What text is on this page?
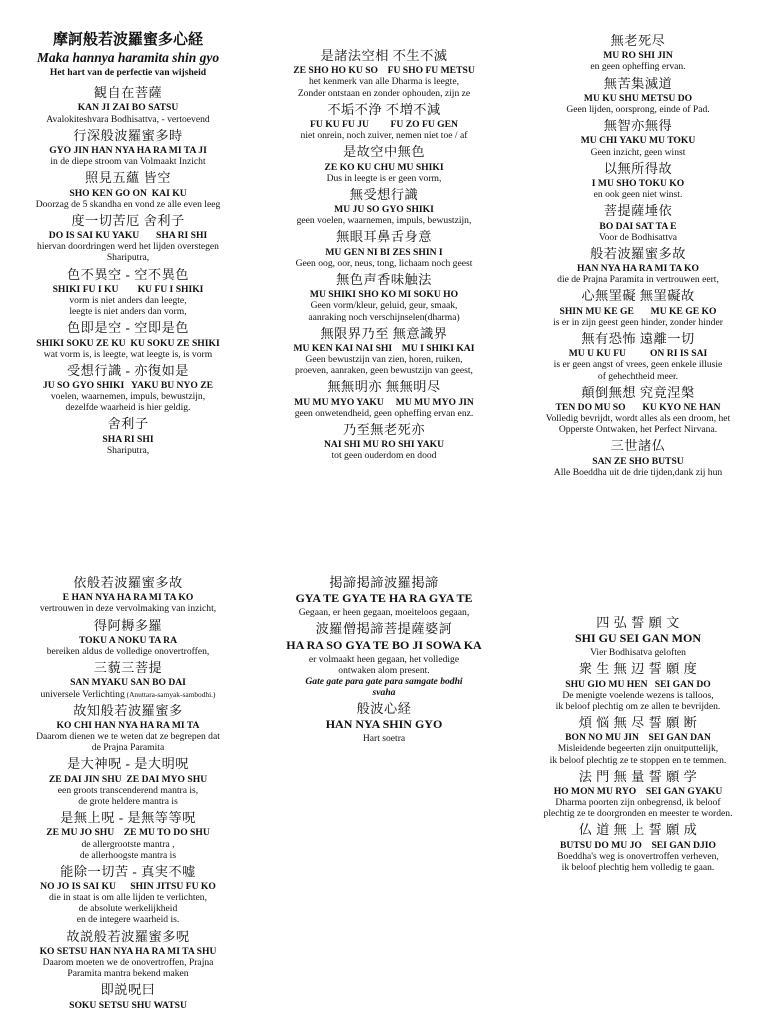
摩訶般若波羅蜜多心経
Maka hannya haramita shin gyo
Het hart van de perfectie van wijsheid
観自在菩薩
KAN JI ZAI BO SATSU
Avalokiteshvara Bodhisattva, - vertoevend
行深般波羅蜜多時
GYO JIN HAN NYA HA RA MI TA JI
in de diepe stroom van Volmaakt Inzicht
照見五蘊 皆空
SHO KEN GO ON  KAI KU
Doorzag de 5 skandha en vond ze alle even leeg
度一切苦厄 舍利子
DO IS SAI KU YAKU       SHA RI SHI
hiervan doordringen werd het lijden overstegen
Shariputra,
色不異空 - 空不異色
SHIKI FU I KU        KU FU I SHIKI
vorm is niet anders dan leegte,
leegte is niet anders dan vorm,
色即是空 - 空即是色
SHIKI SOKU ZE KU  KU SOKU ZE SHIKI
wat vorm is, is leegte, wat leegte is, is vorm
受想行識 - 亦復如是
JU SO GYO SHIKI   YAKU BU NYO ZE
voelen, waarnemen, impuls, bewustzijn,
dezelfde waarheid is hier geldig.
舍利子
SHA RI SHI
Shariputra,
是諸法空相 不生不滅
ZE SHO HO KU SO    FU SHO FU METSU
het kenmerk van alle Dharma is leegte,
Zonder ontstaan en zonder ophouden, zijn ze
不垢不浄 不増不減
FU KU FU JU         FU ZO FU GEN
niet onrein, noch zuiver, nemen niet toe / af
是故空中無色
ZE KO KU CHU MU SHIKI
Dus in leegte is er geen vorm,
無受想行識
MU JU SO GYO SHIKI
geen voelen, waarnemen, impuls, bewustzijn,
無眼耳鼻舌身意
MU GEN NI BI ZES SHIN I
Geen oog, oor, neus, tong, lichaam noch geest
無色声香味触法
MU SHIKI SHO KO MI SOKU HO
Geen vorm/kleur, geluid, geur, smaak,
aanraking noch verschijnselen(dharma)
無限界乃至 無意識界
MU KEN KAI NAI SHI    MU I SHIKI KAI
Geen bewustzijn van zien, horen, ruiken,
proeven, aanraken, geen bewustzijn van geest,
無無明亦 無無明尽
MU MU MYO YAKU     MU MU MYO JIN
geen onwetendheid, geen opheffing ervan enz.
乃至無老死亦
NAI SHI MU RO SHI YAKU
tot geen ouderdom en dood
無老死尽
MU RO SHI JIN
en geen opheffing ervan.
無苦集滅道
MU KU SHU METSU DO
Geen lijden, oorsprong, einde of Pad.
無智亦無得
MU CHI YAKU MU TOKU
Geen inzicht, geen winst
以無所得故
I MU SHO TOKU KO
en ook geen niet winst.
菩提薩埵依
BO DAI SAT TA E
Voor de Bodhisattva
般若波羅蜜多故
HAN NYA HA RA MI TA KO
die de Prajna Paramita in vertrouwen eert,
心無罣礙 無罣礙故
SHIN MU KE GE       MU KE GE KO
is er in zijn geest geen hinder, zonder hinder
無有恐怖 遠離一切
MU U KU FU          ON RI IS SAI
is er geen angst of vrees, geen enkele illusie
of gehechtheid meer.
顛倒無想 究竟涅槃
TEN DO MU SO       KU KYO NE HAN
Volledig bevrijdt, wordt alles als een droom, het
Opperste Ontwaken, het Perfect Nirvana.
三世諸仏
SAN ZE SHO BUTSU
Alle Boeddha uit de drie tijden,dank zij hun
依般若波羅蜜多故
E HAN NYA HA RA MI TA KO
vertrouwen in deze vervolmaking van inzicht,
得阿耨多羅
TOKU A NOKU TA RA
bereiken aldus de volledige onovertroffen,
三藐三菩提
SAN MYAKU SAN BO DAI
universele Verlichting (Anuttara-samyak-sambodhi.)
故知般若波羅蜜多
KO CHI HAN NYA HA RA MI TA
Daarom dienen we te weten dat ze begrepen dat
de Prajna Paramita
是大神呪 - 是大明呪
ZE DAI JIN SHU  ZE DAI MYO SHU
een groots transcenderend mantra is,
de grote heldere mantra is
是無上呪 - 是無等等呪
ZE MU JO SHU    ZE MU TO DO SHU
de allergrootste mantra ,
de allerhoogste mantra is
能除一切苦 - 真実不嘘
NO JO IS SAI KU      SHIN JITSU FU KO
die in staat is om alle lijden te verlichten,
de absolute werkelijkheid
en de integere waarheid is.
故説般若波羅蜜多呪
KO SETSU HAN NYA HA RA MI TA SHU
Daarom moeten we de onovertroffen, Prajna
Paramita mantra bekend maken
即説呪曰
SOKU SETSU SHU WATSU
掲諦掲諦波羅掲諦
GYA TE GYA TE HA RA GYA TE
Gegaan, er heen gegaan, moeiteloos gegaan,
波羅僧掲諦菩提薩婆訶
HA RA SO GYA TE BO JI SOWA KA
er volmaakt heen gegaan, het volledige
ontwaken alom present.
Gate gate para gate para samgate bodhi
svaha
般波心経
HAN NYA SHIN GYO
Hart soetra
四 弘 誓 願 文
SHI GU SEI GAN MON
Vier Bodhisatva geloften
衆 生 無 辺 誓 願 度
SHU GIO MU HEN   SEI GAN DO
De menigte voelende wezens is talloos,
ik beloof plechtig om ze allen te bevrijden.
煩 悩 無 尽 誓 願 断
BON NO MU JIN    SEI GAN DAN
Misleidende begeerten zijn onuitputtelijk,
ik beloof plechtig ze te stoppen en te temmen.
法 門 無 量 誓 願 学
HO MON MU RYO    SEI GAN GYAKU
Dharma poorten zijn onbegrensd, ik beloof
plechtig ze te doorgronden en meester te worden.
仏 道 無 上 誓 願 成
BUTSU DO MU JO    SEI GAN DJIO
Boeddha's weg is onovertroffen verheven,
ik beloof plechtig hem volledig te gaan.
